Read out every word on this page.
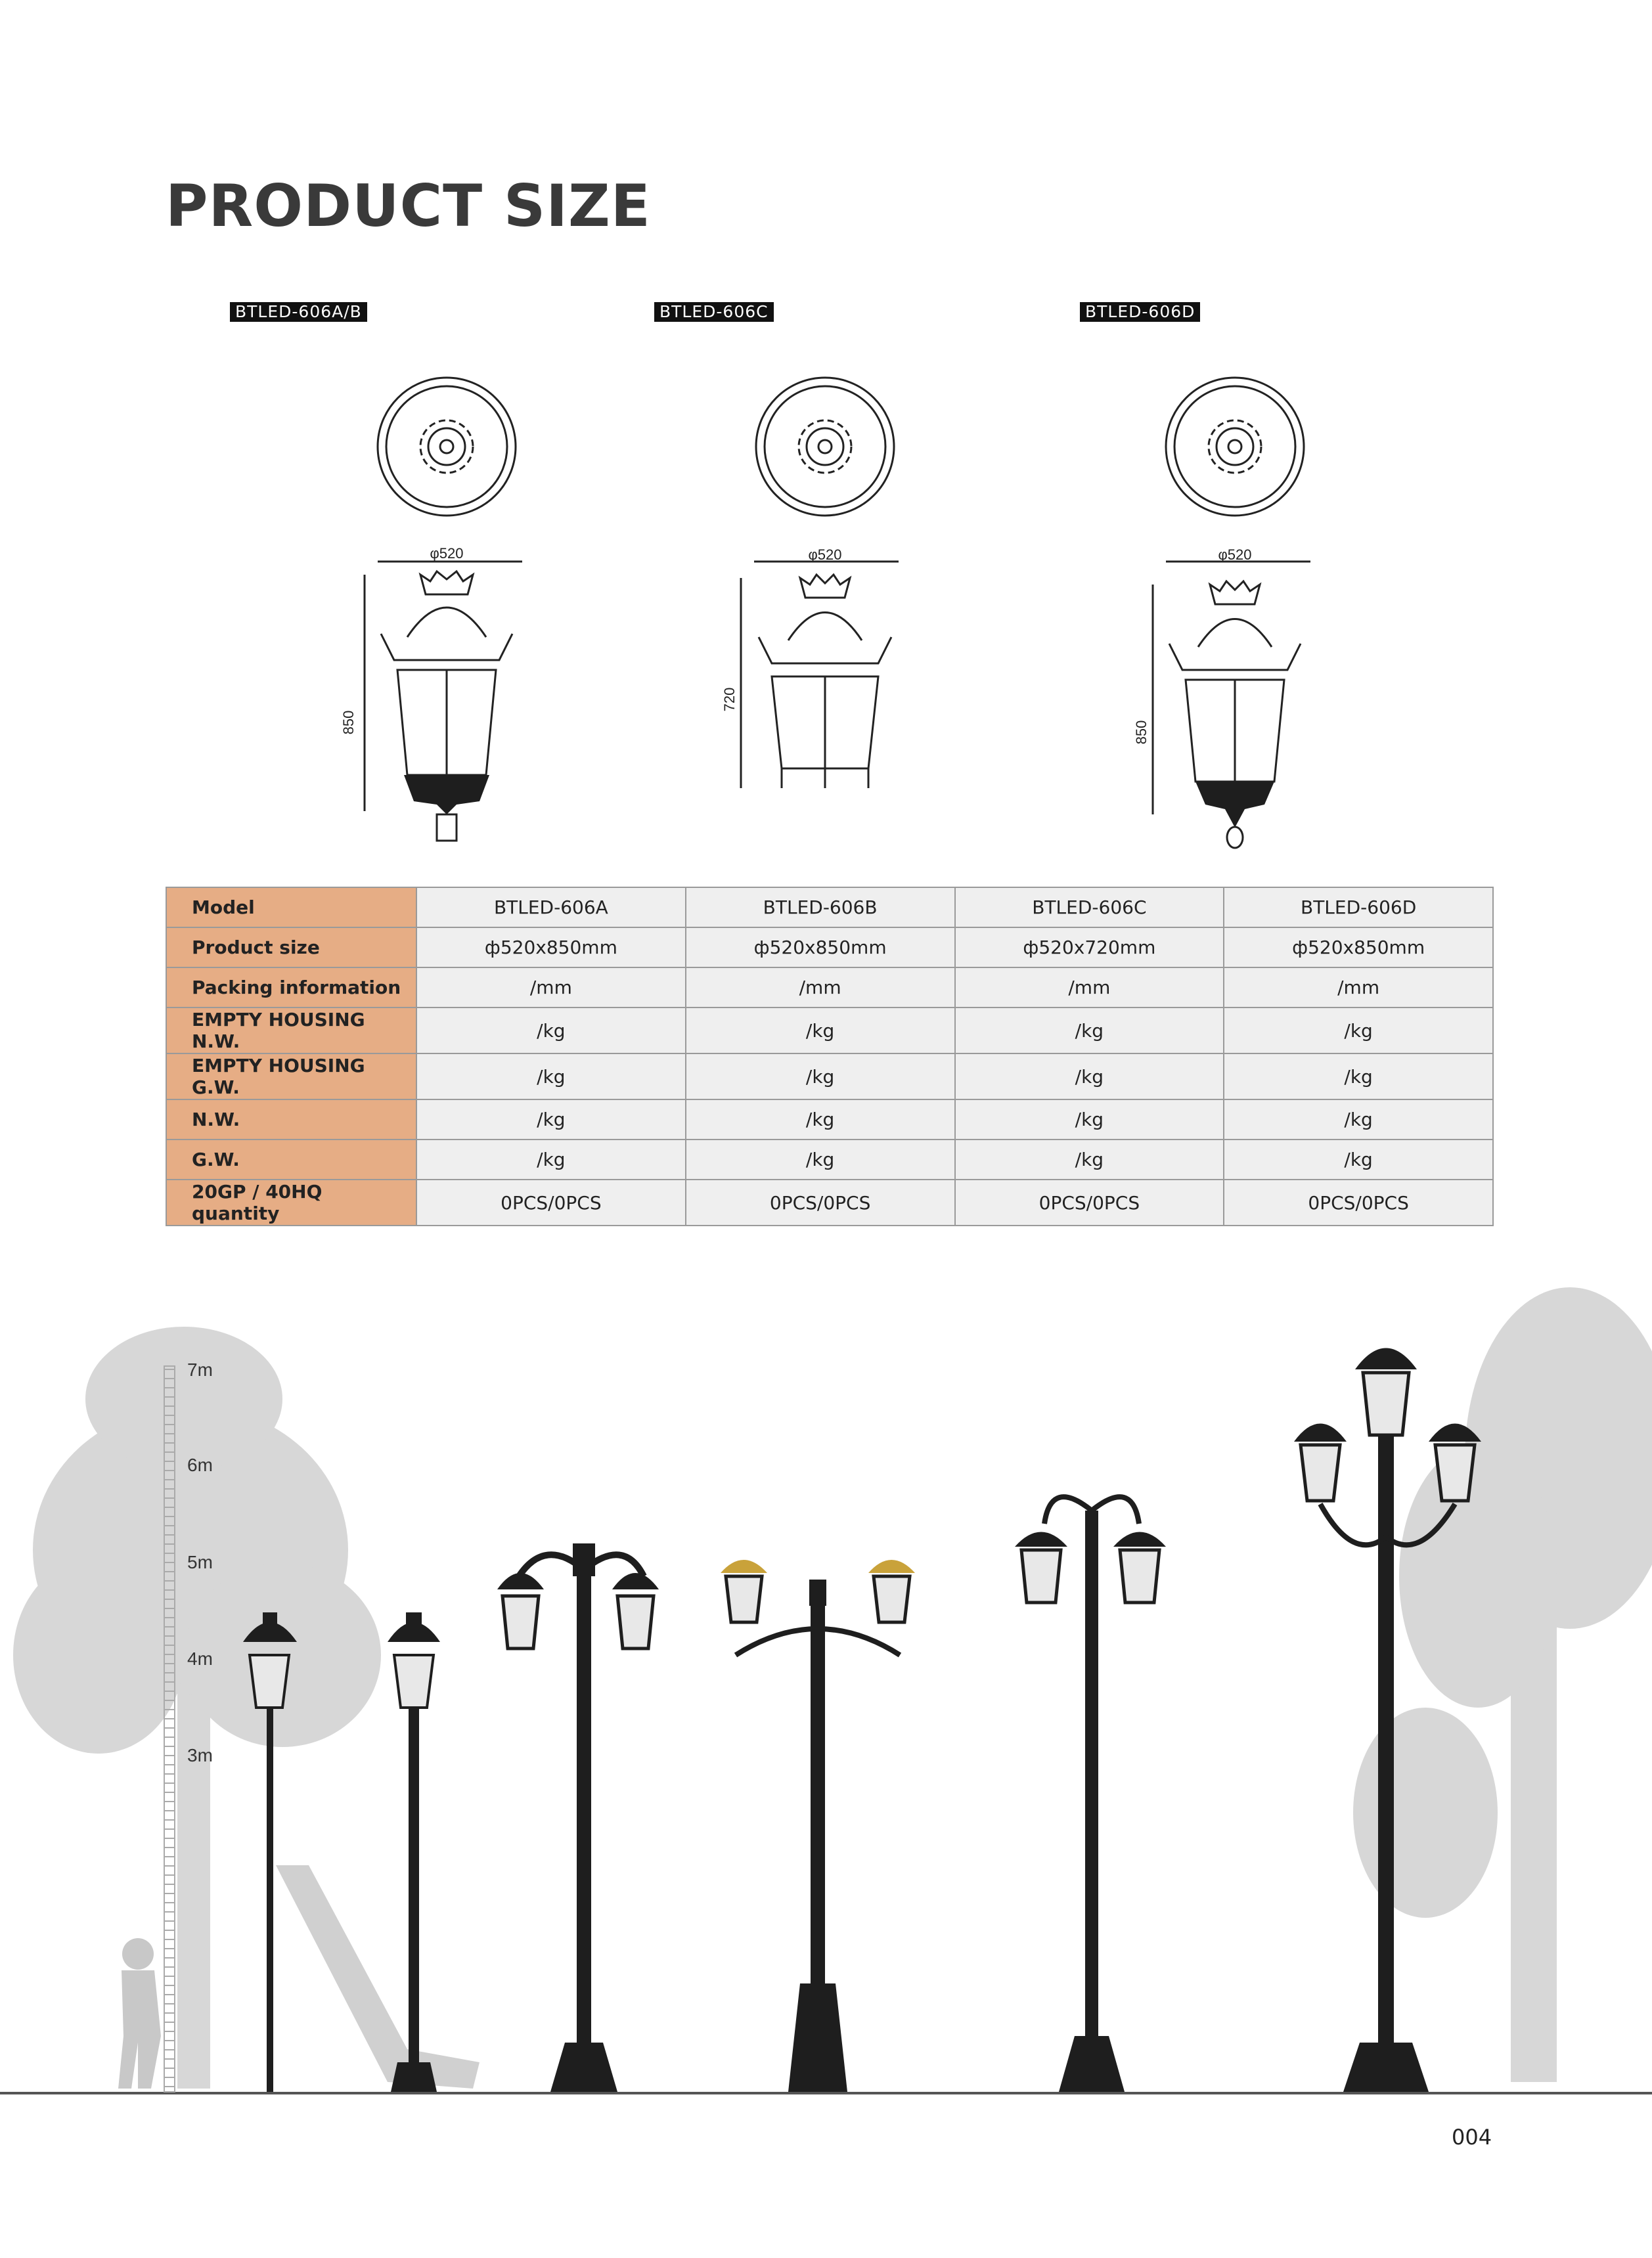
PRODUCT SIZE
BTLED-606A/B	BTLED-606C	BTLED-606D
φ520
850
φ520
720
φ520
850
Model	BTLED-606A	BTLED-606B	BTLED-606C	BTLED-606D
Product size	ф520x850mm	ф520x850mm	ф520x720mm	ф520x850mm
Packing information	/mm	/mm	/mm	/mm
EMPTY HOUSING N.W.	/kg	/kg	/kg	/kg
EMPTY HOUSING G.W.	/kg	/kg	/kg	/kg
N.W.	/kg	/kg	/kg	/kg
G.W.	/kg	/kg	/kg	/kg
20GP / 40HQ quantity	0PCS/0PCS	0PCS/0PCS	0PCS/0PCS	0PCS/0PCS
7m
6m
5m
4m
3m
004
